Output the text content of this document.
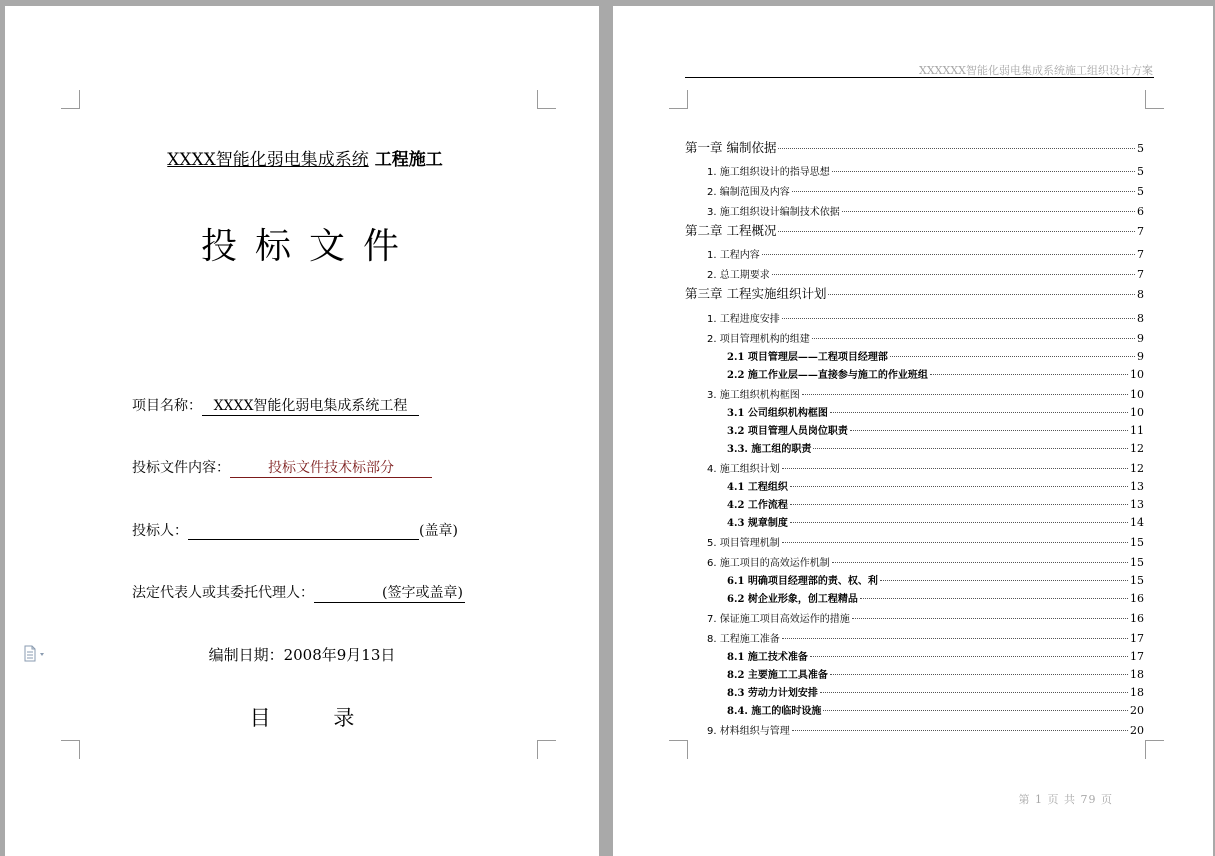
XXXX智能化弱电集成系统 工程施工
投标文件
项目名称： XXXX智能化弱电集成系统工程
投标文件内容：	投标文件技术标部分
投标人：	(盖章)
法定代表人或其委托代理人：	(签字或盖章)
编制日期：2008年9月13日
目 录
XXXXXX智能化弱电集成系统施工组织设计方案
第一章 编制依据	5
1. 施工组织设计的指导思想	5
2. 编制范围及内容	5
3. 施工组织设计编制技术依据	6
第二章 工程概况	7
1. 工程内容	7
2. 总工期要求	7
第三章 工程实施组织计划	8
1. 工程进度安排	8
2. 项目管理机构的组建	9
2.1 项目管理层——工程项目经理部	9
2.2 施工作业层——直接参与施工的作业班组	10
3. 施工组织机构框图	10
3.1 公司组织机构框图	10
3.2 项目管理人员岗位职责	11
3.3. 施工组的职责	12
4. 施工组织计划	12
4.1 工程组织	13
4.2 工作流程	13
4.3 规章制度	14
5. 项目管理机制	15
6. 施工项目的高效运作机制	15
6.1 明确项目经理部的责、权、利	15
6.2 树企业形象，创工程精品	16
7. 保证施工项目高效运作的措施	16
8. 工程施工准备	17
8.1 施工技术准备	17
8.2 主要施工工具准备	18
8.3 劳动力计划安排	18
8.4. 施工的临时设施	20
9. 材料组织与管理	20
第 1 页 共 79 页
